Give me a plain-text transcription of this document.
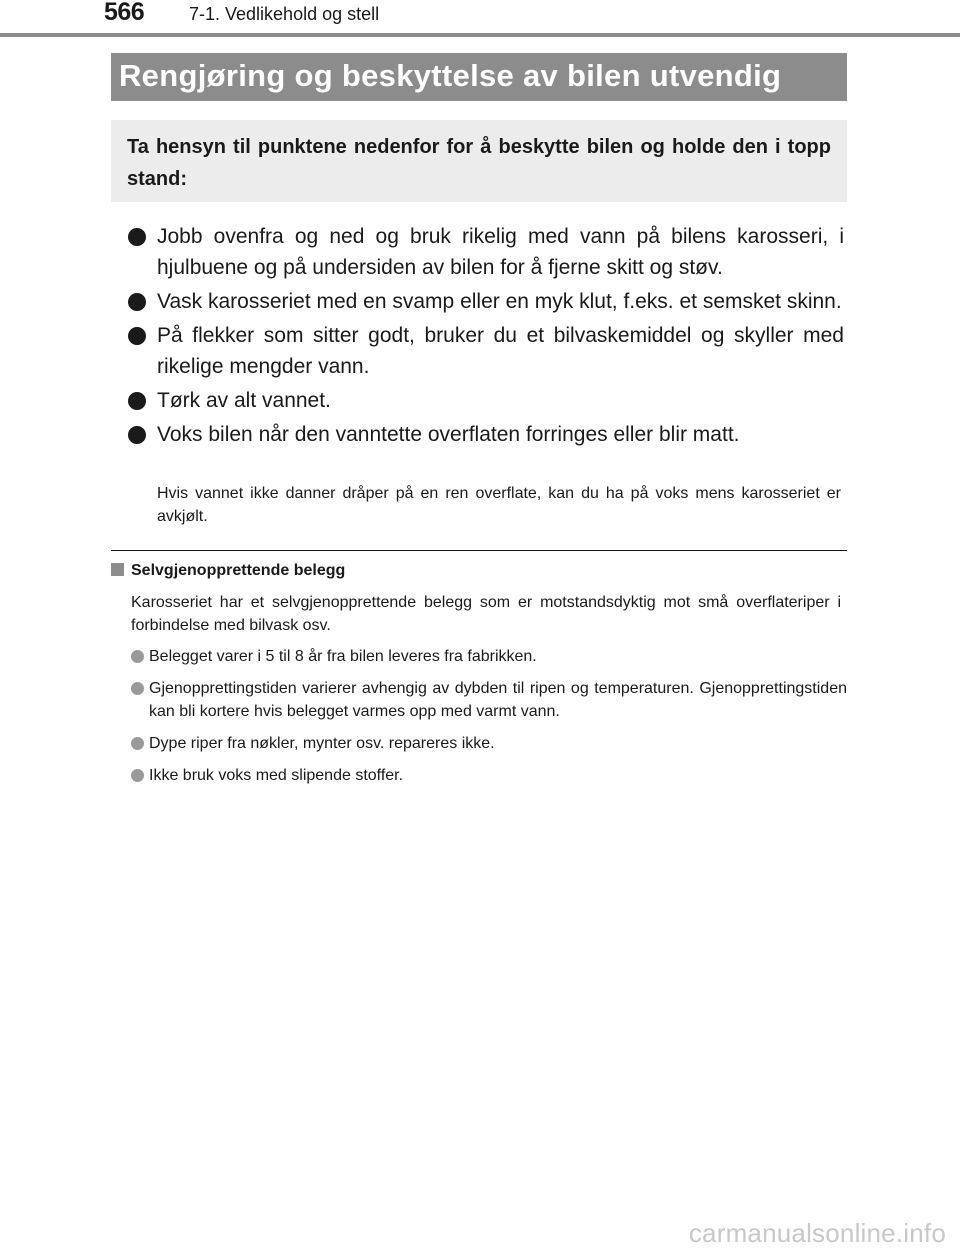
566 7-1. Vedlikehold og stell
Rengjøring og beskyttelse av bilen utvendig
Ta hensyn til punktene nedenfor for å beskytte bilen og holde den i topp stand:
Jobb ovenfra og ned og bruk rikelig med vann på bilens karosseri, i hjulbuene og på undersiden av bilen for å fjerne skitt og støv.
Vask karosseriet med en svamp eller en myk klut, f.eks. et semsket skinn.
På flekker som sitter godt, bruker du et bilvaskemiddel og skyller med rikelige mengder vann.
Tørk av alt vannet.
Voks bilen når den vanntette overflaten forringes eller blir matt.
Hvis vannet ikke danner dråper på en ren overflate, kan du ha på voks mens karosseriet er avkjølt.
Selvgjenopprettende belegg
Karosseriet har et selvgjenopprettende belegg som er motstandsdyktig mot små overflateriper i forbindelse med bilvask osv.
Belegget varer i 5 til 8 år fra bilen leveres fra fabrikken.
Gjenopprettingstiden varierer avhengig av dybden til ripen og temperaturen. Gjenopprettingstiden kan bli kortere hvis belegget varmes opp med varmt vann.
Dype riper fra nøkler, mynter osv. repareres ikke.
Ikke bruk voks med slipende stoffer.
carmanualsonline.info
